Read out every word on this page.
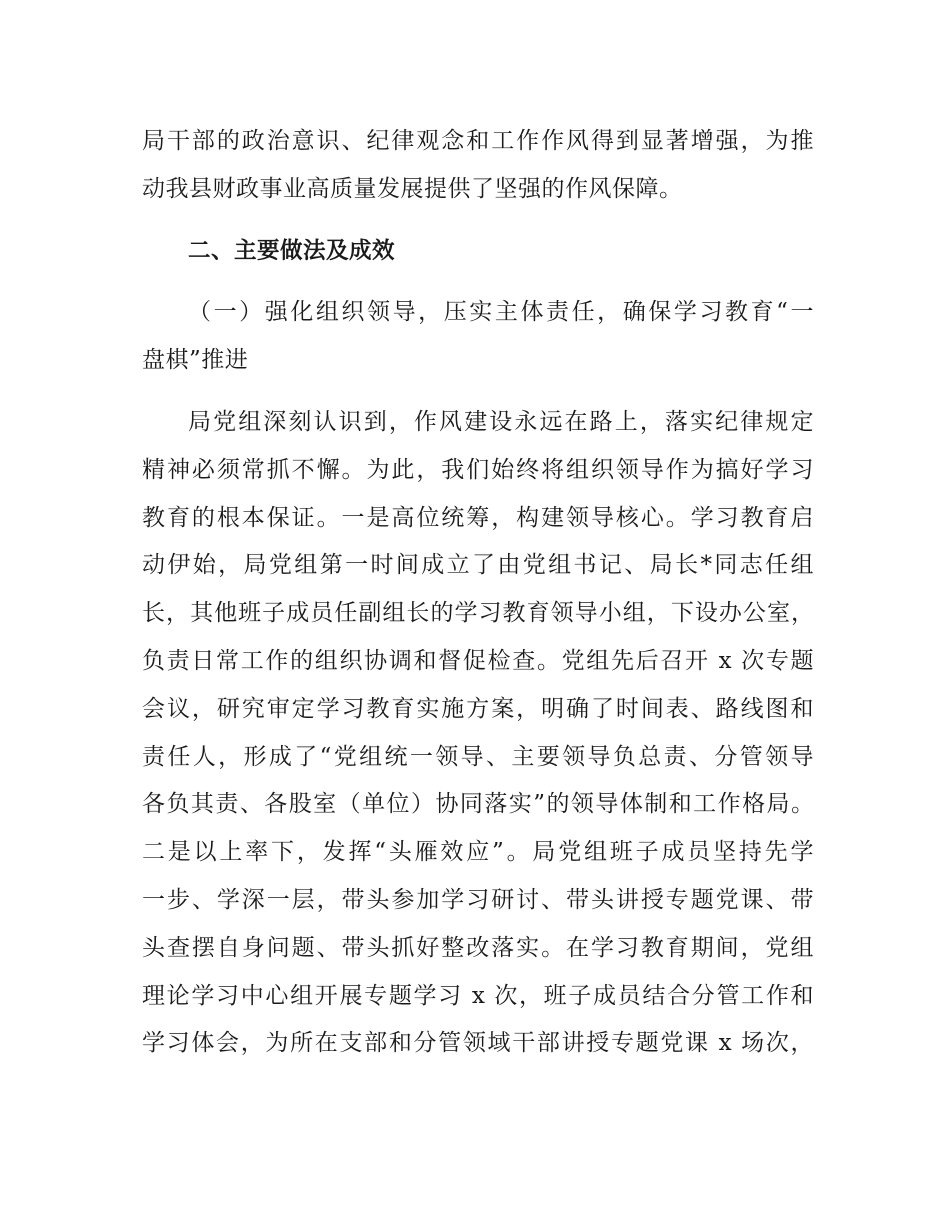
局干部的政治意识、纪律观念和工作作风得到显著增强，为推
动我县财政事业高质量发展提供了坚强的作风保障。
二、主要做法及成效
（一）强化组织领导，压实主体责任，确保学习教育“一
盘棋”推进
局党组深刻认识到，作风建设永远在路上，落实纪律规定
精神必须常抓不懈。为此，我们始终将组织领导作为搞好学习
教育的根本保证。一是高位统筹，构建领导核心。学习教育启
动伊始，局党组第一时间成立了由党组书记、局长*同志任组
长，其他班子成员任副组长的学习教育领导小组，下设办公室，
负责日常工作的组织协调和督促检查。党组先后召开 x 次专题
会议，研究审定学习教育实施方案，明确了时间表、路线图和
责任人，形成了“党组统一领导、主要领导负总责、分管领导
各负其责、各股室（单位）协同落实”的领导体制和工作格局。
二是以上率下，发挥“头雁效应”。局党组班子成员坚持先学
一步、学深一层，带头参加学习研讨、带头讲授专题党课、带
头查摆自身问题、带头抓好整改落实。在学习教育期间，党组
理论学习中心组开展专题学习 x 次，班子成员结合分管工作和
学习体会，为所在支部和分管领域干部讲授专题党课 x 场次，
